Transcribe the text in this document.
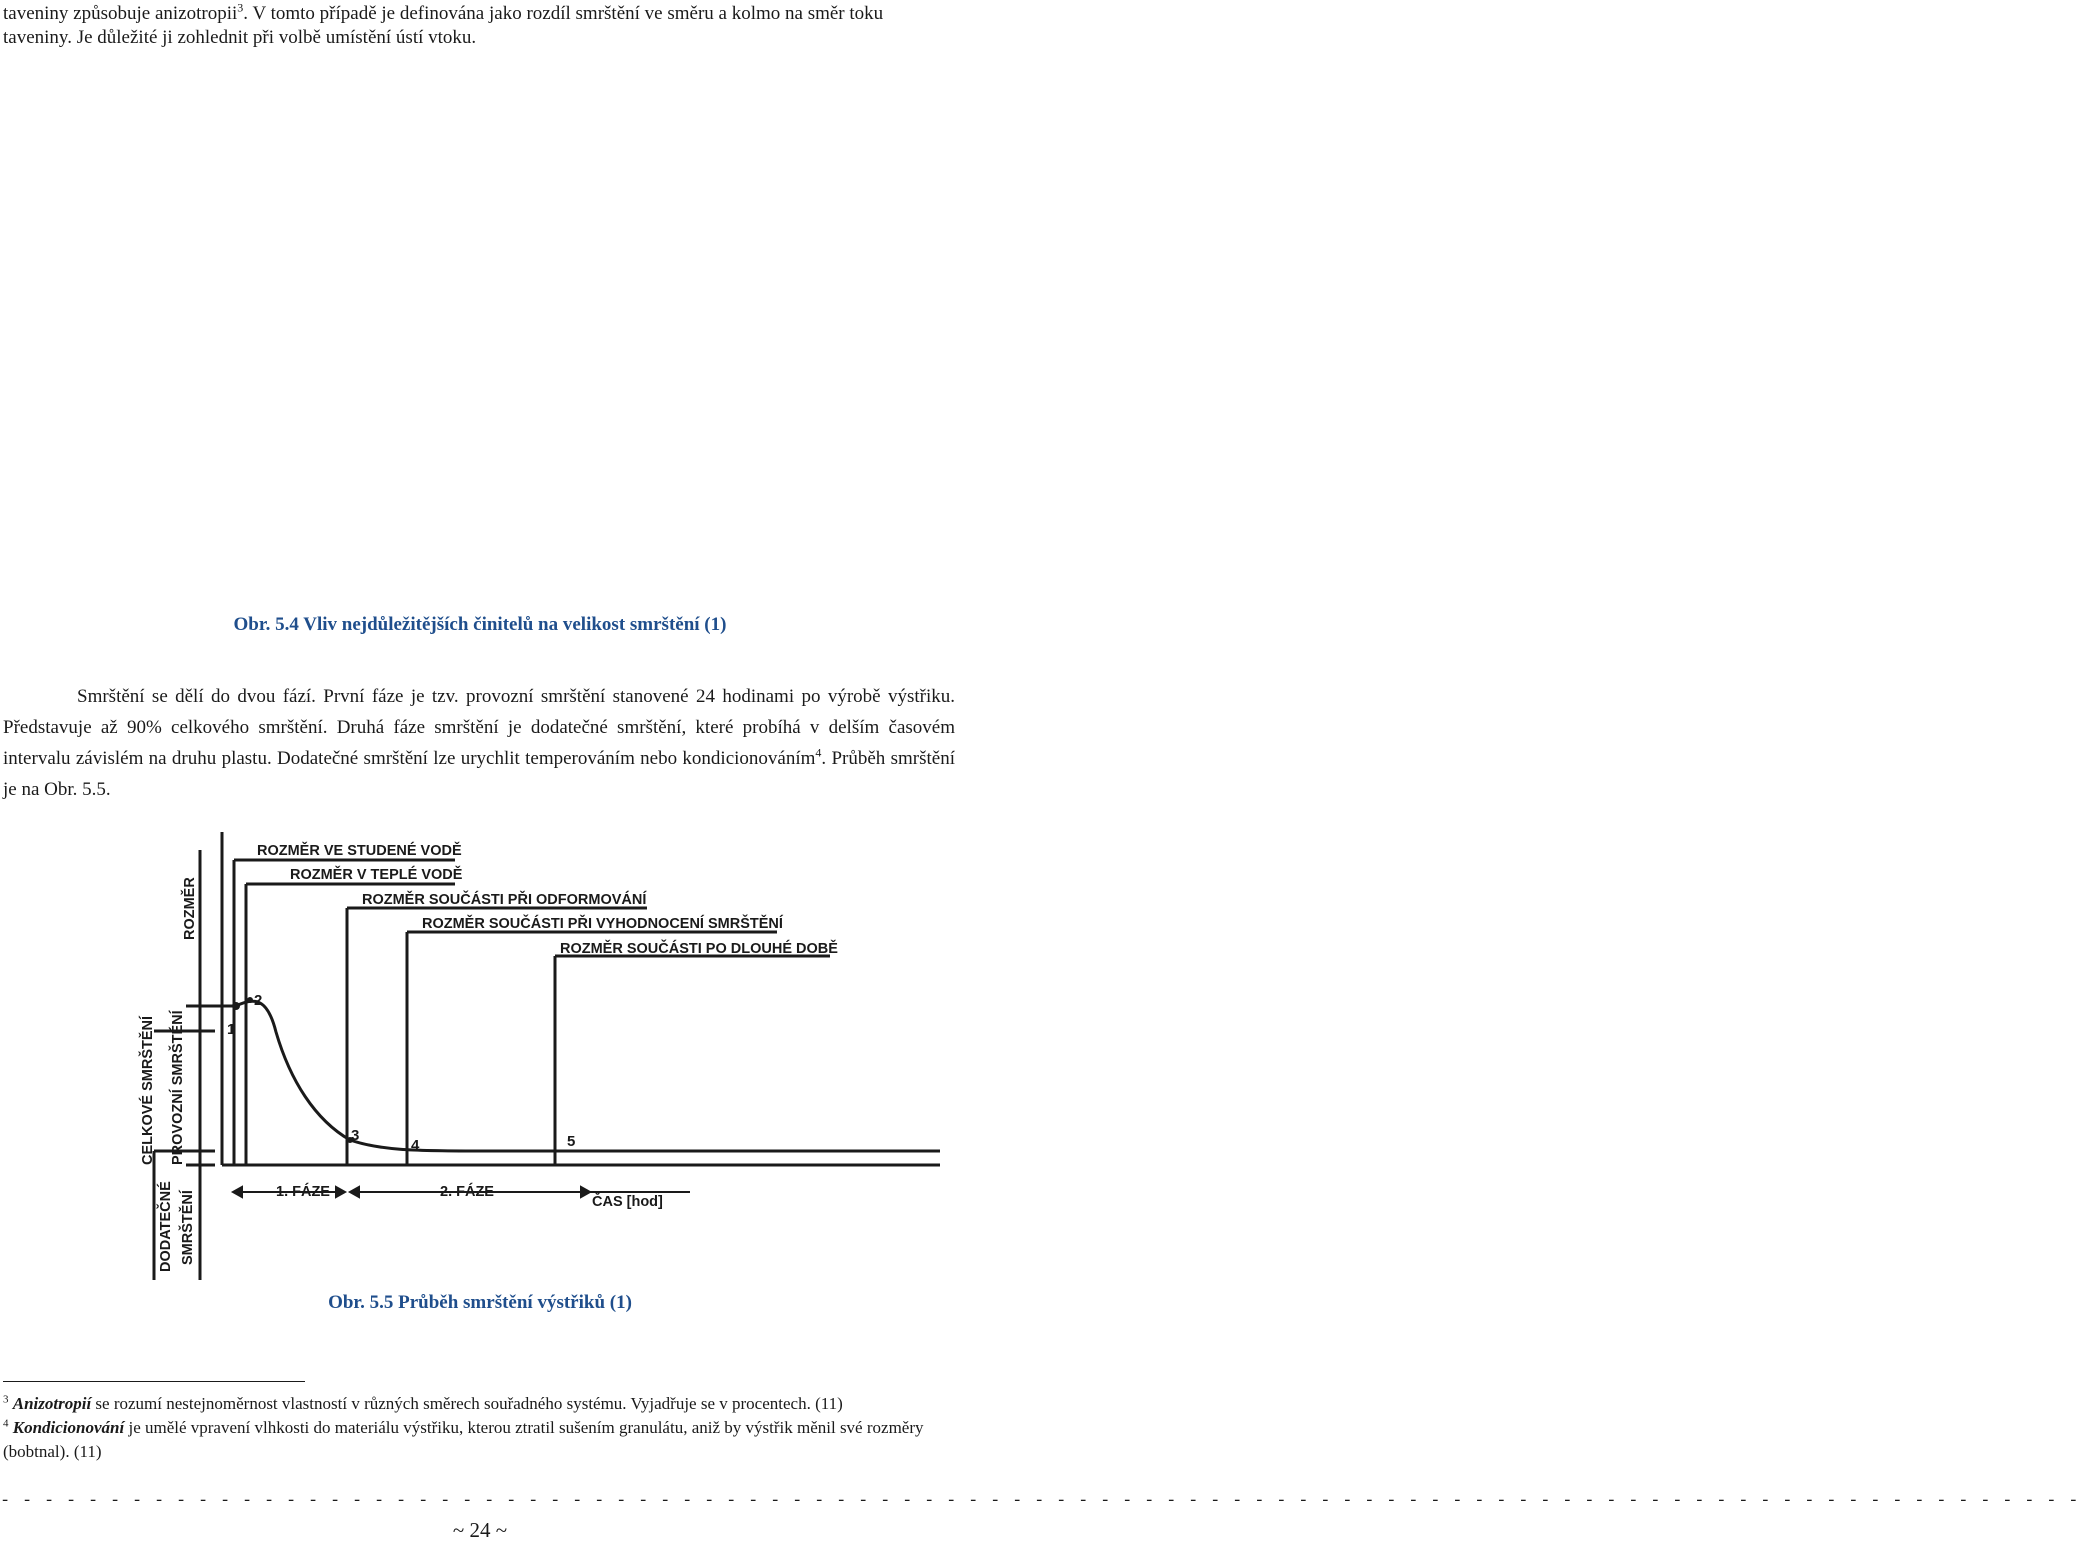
taveniny způsobuje anizotropii$^3$. V tomto případě je definována jako rozdíl smrštění ve směru a kolmo na směr toku taveniny. Je důležité ji zohlednit při volbě umístění ústí vtoku.
Obr. 5.4 Vliv nejdůležitějších činitelů na velikost smrštění (1)
Smrštění se dělí do dvou fází. První fáze je tzv. provozní smrštění stanovené 24 hodinami po výrobě výstřiku. Představuje až 90% celkového smrštění. Druhá fáze smrštění je dodatečné smrštění, které probíhá v delším časovém intervalu závislém na druhu plastu. Dodatečné smrštění lze urychlit temperováním nebo kondicionováním$^4$. Průběh smrštění je na Obr. 5.5.
ROZMĚR VE STUDENÉ VODĚ
ROZMĚR V TEPLÉ VODĚ
ROZMĚR SOUČÁSTI PŘI ODFORMOVÁNÍ
ROZMĚR SOUČÁSTI PŘI VYHODNOCENÍ SMRŠTĚNÍ
ROZMĚR SOUČÁSTI PO DLOUHÉ DOBĚ
ROZMĚR
CELKOVÉ SMRŠTĚNÍ PROVOZNÍ SMRŠTĚNÍ
DODATEČNÉ SMRŠTĚNÍ	1. FÁZE	2. FÁZE
ČAS [hod]
1
2
3
4	5
Obr. 5.5 Průběh smrštění výstřiků (1)
$^3$ Anizotropií se rozumí nestejnoměrnost vlastností v různých směrech souřadného systému. Vyjadřuje se v procentech. (11)
$^4$ Kondicionování je umělé vpravení vlhkosti do materiálu výstřiku, kterou ztratil sušením granulátu, aniž by výstřik měnil své rozměry (bobtnal). (11)
- - - - - - - - - - - - - - - - - - - - - - - - - - - - - - - - - - - - - - - - - - - - - - - - - - - - - - - - - - - - - - - - - - - - - - - - - - - - - - - - - - - - - - - - - - - - - - -
~ 24 ~
